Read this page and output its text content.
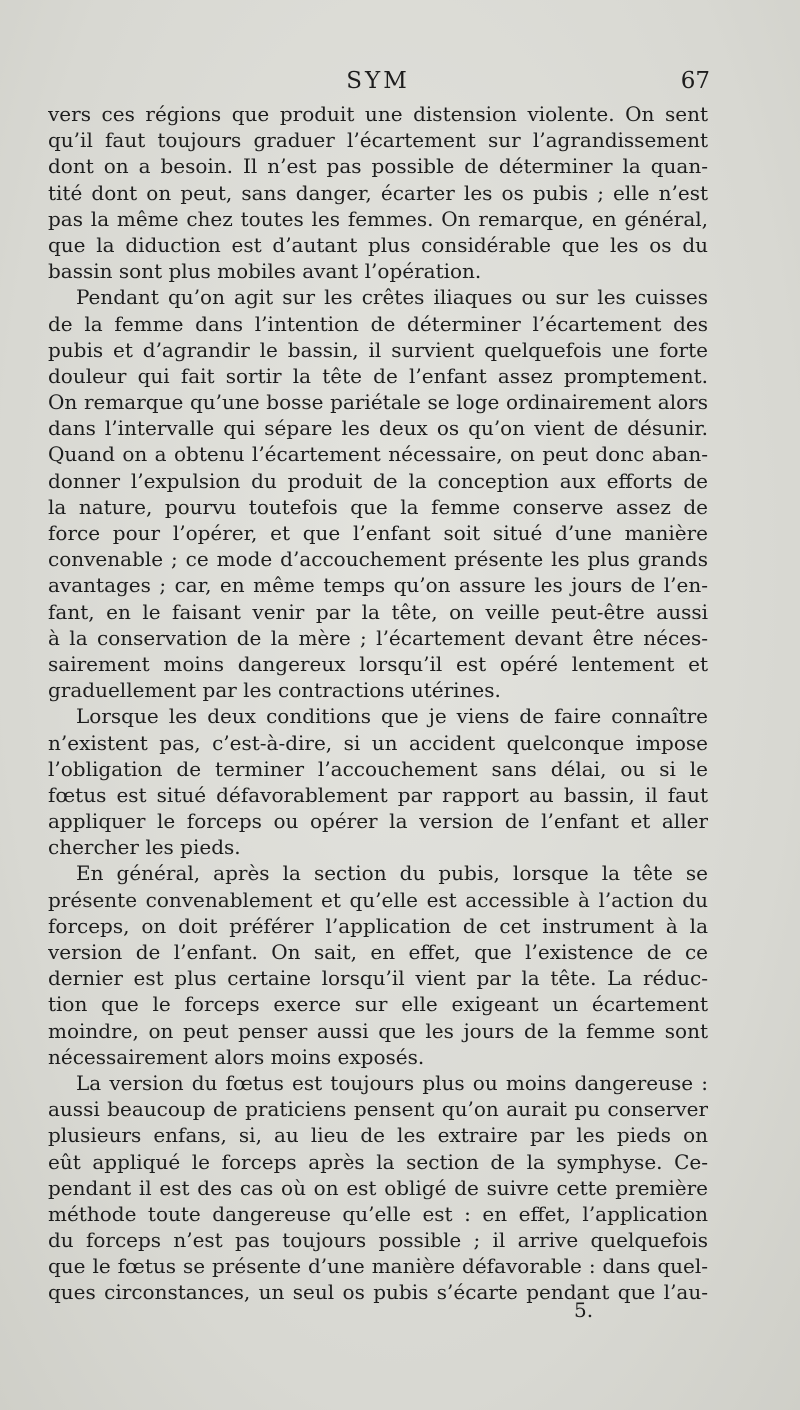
SYM	67
vers ces régions que produit une distension violente. On sent
qu’il faut toujours graduer l’écartement sur l’agrandissement
dont on a besoin. Il n’est pas possible de déterminer la quan-
tité dont on peut, sans danger, écarter les os pubis ; elle n’est
pas la même chez toutes les femmes. On remarque, en général,
que la diduction est d’autant plus considérable que les os du
bassin sont plus mobiles avant l’opération.
Pendant qu’on agit sur les crêtes iliaques ou sur les cuisses
de la femme dans l’intention de déterminer l’écartement des
pubis et d’agrandir le bassin, il survient quelquefois une forte
douleur qui fait sortir la tête de l’enfant assez promptement.
On remarque qu’une bosse pariétale se loge ordinairement alors
dans l’intervalle qui sépare les deux os qu’on vient de désunir.
Quand on a obtenu l’écartement nécessaire, on peut donc aban-
donner l’expulsion du produit de la conception aux efforts de
la nature, pourvu toutefois que la femme conserve assez de
force pour l’opérer, et que l’enfant soit situé d’une manière
convenable ; ce mode d’accouchement présente les plus grands
avantages ; car, en même temps qu’on assure les jours de l’en-
fant, en le faisant venir par la tête, on veille peut-être aussi
à la conservation de la mère ; l’écartement devant être néces-
sairement moins dangereux lorsqu’il est opéré lentement et
graduellement par les contractions utérines.
Lorsque les deux conditions que je viens de faire connaître
n’existent pas, c’est-à-dire, si un accident quelconque impose
l’obligation de terminer l’accouchement sans délai, ou si le
fœtus est situé défavorablement par rapport au bassin, il faut
appliquer le forceps ou opérer la version de l’enfant et aller
chercher les pieds.
En général, après la section du pubis, lorsque la tête se
présente convenablement et qu’elle est accessible à l’action du
forceps, on doit préférer l’application de cet instrument à la
version de l’enfant. On sait, en effet, que l’existence de ce
dernier est plus certaine lorsqu’il vient par la tête. La réduc-
tion que le forceps exerce sur elle exigeant un écartement
moindre, on peut penser aussi que les jours de la femme sont
nécessairement alors moins exposés.
La version du fœtus est toujours plus ou moins dangereuse :
aussi beaucoup de praticiens pensent qu’on aurait pu conserver
plusieurs enfans, si, au lieu de les extraire par les pieds on
eût appliqué le forceps après la section de la symphyse. Ce-
pendant il est des cas où on est obligé de suivre cette première
méthode toute dangereuse qu’elle est : en effet, l’application
du forceps n’est pas toujours possible ; il arrive quelquefois
que le fœtus se présente d’une manière défavorable : dans quel-
ques circonstances, un seul os pubis s’écarte pendant que l’au-
5.
